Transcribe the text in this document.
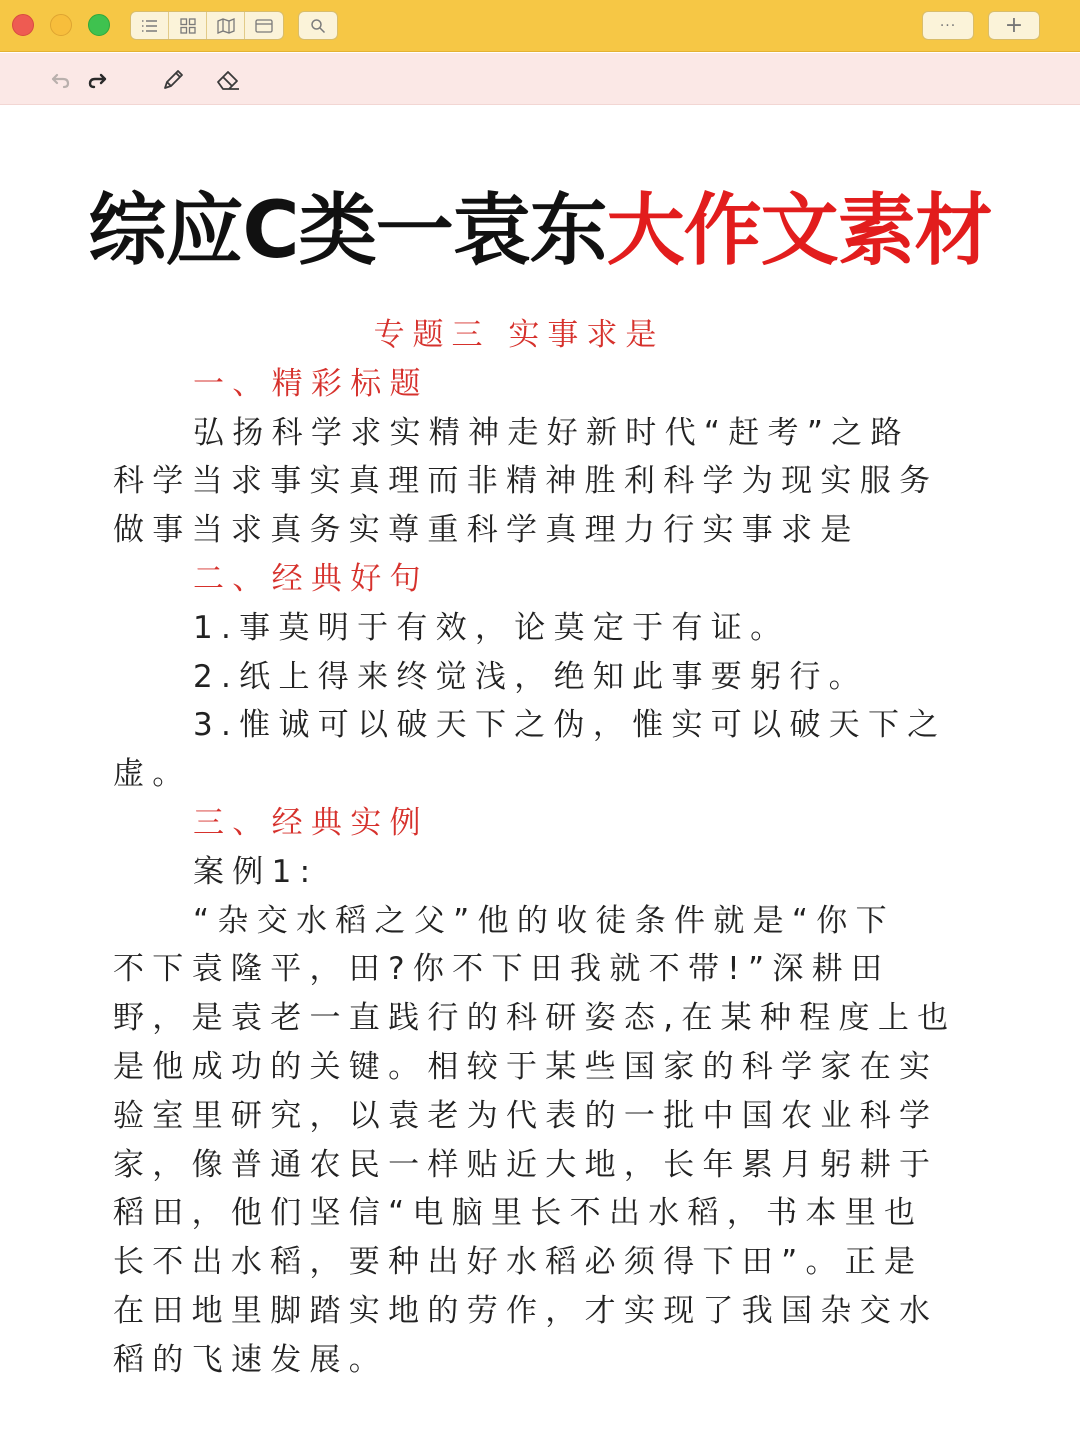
··· +
综应C类一袁东大作文素材
专题三 实事求是
一、精彩标题
弘扬科学求实精神走好新时代“赶考”之路
科学当求事实真理而非精神胜利科学为现实服务
做事当求真务实尊重科学真理力行实事求是
二、经典好句
1.事莫明于有效，论莫定于有证。
2.纸上得来终觉浅，绝知此事要躬行。
3.惟诚可以破天下之伪，惟实可以破天下之
虚。
三、经典实例
案例1:
“杂交水稻之父”他的收徒条件就是“你下
不下袁隆平，田?你不下田我就不带!”深耕田
野，是袁老一直践行的科研姿态,在某种程度上也
是他成功的关键。相较于某些国家的科学家在实
验室里研究，以袁老为代表的一批中国农业科学
家，像普通农民一样贴近大地，长年累月躬耕于
稻田，他们坚信“电脑里长不出水稻，书本里也
长不出水稻，要种出好水稻必须得下田”。正是
在田地里脚踏实地的劳作，才实现了我国杂交水
稻的飞速发展。
